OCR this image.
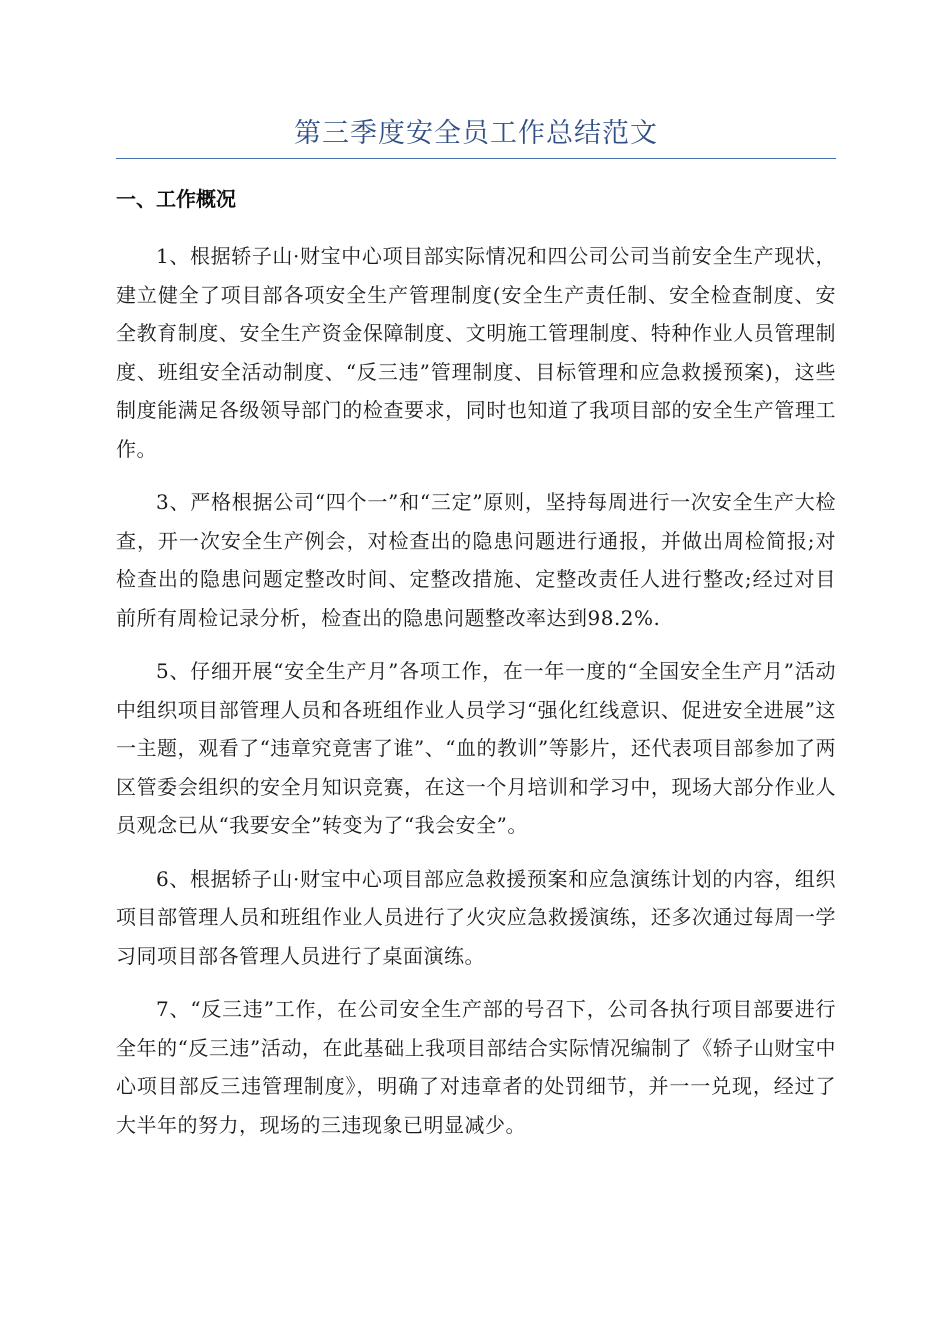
第三季度安全员工作总结范文
一、工作概况

1、根据轿子山·财宝中心项目部实际情况和四公司公司当前安全生产现状，建立健全了项目部各项安全生产管理制度(安全生产责任制、安全检查制度、安全教育制度、安全生产资金保障制度、文明施工管理制度、特种作业人员管理制度、班组安全活动制度、“反三违”管理制度、目标管理和应急救援预案)，这些制度能满足各级领导部门的检查要求，同时也知道了我项目部的安全生产管理工作。

3、严格根据公司“四个一”和“三定”原则，坚持每周进行一次安全生产大检查，开一次安全生产例会，对检查出的隐患问题进行通报，并做出周检简报;对检查出的隐患问题定整改时间、定整改措施、定整改责任人进行整改;经过对目前所有周检记录分析，检查出的隐患问题整改率达到98.2%.

5、仔细开展“安全生产月”各项工作，在一年一度的“全国安全生产月”活动中组织项目部管理人员和各班组作业人员学习“强化红线意识、促进安全进展”这一主题，观看了“违章究竟害了谁”、“血的教训”等影片，还代表项目部参加了两区管委会组织的安全月知识竞赛，在这一个月培训和学习中，现场大部分作业人员观念已从“我要安全”转变为了“我会安全”。

6、根据轿子山·财宝中心项目部应急救援预案和应急演练计划的内容，组织项目部管理人员和班组作业人员进行了火灾应急救援演练，还多次通过每周一学习同项目部各管理人员进行了桌面演练。

7、“反三违”工作，在公司安全生产部的号召下，公司各执行项目部要进行全年的“反三违”活动，在此基础上我项目部结合实际情况编制了《轿子山财宝中心项目部反三违管理制度》，明确了对违章者的处罚细节，并一一兑现，经过了大半年的努力，现场的三违现象已明显减少。
